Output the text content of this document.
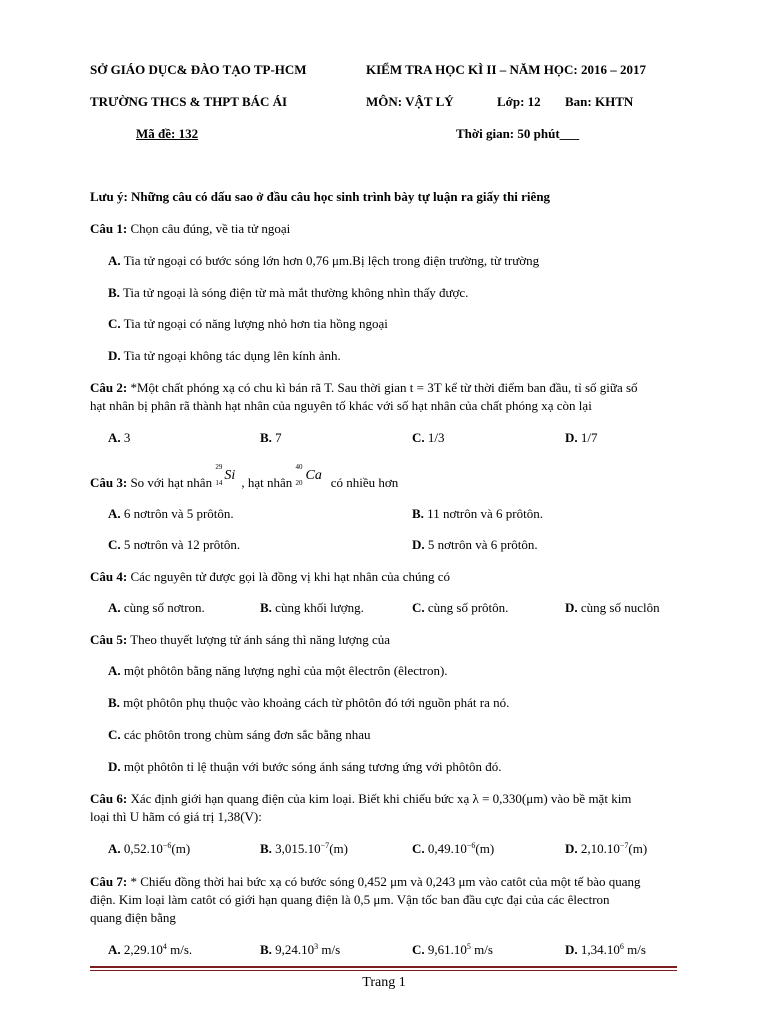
SỞ GIÁO DỤC& ĐÀO TẠO TP-HCM	KIỂM TRA HỌC KÌ II – NĂM HỌC: 2016 – 2017
TRƯỜNG THCS & THPT BÁC ÁI	MÔN: VẬT LÝ	Lớp: 12 Ban: KHTN
Mã đề: 132	Thời gian: 50 phút___
Lưu ý: Những câu có dấu sao ở đầu câu học sinh trình bày tự luận ra giấy thi riêng
Câu 1: Chọn câu đúng, về tia tử ngoại
A. Tia tử ngoại có bước sóng lớn hơn 0,76 μm.Bị lệch trong điện trường, từ trường
B. Tia tử ngoại là sóng điện từ mà mắt thường không nhìn thấy được.
C. Tia tử ngoại có năng lượng nhỏ hơn tia hồng ngoại
D. Tia tử ngoại không tác dụng lên kính ảnh.
Câu 2: *Một chất phóng xạ có chu kì bán rã T. Sau thời gian t = 3T kể từ thời điểm ban đầu, tỉ số giữa số
hạt nhân bị phân rã thành hạt nhân của nguyên tố khác với số hạt nhân của chất phóng xạ còn lại
A. 3	B. 7	C. 1/3	D. 1/7
Câu 3: So với hạt nhân
29
14 Si , hạt nhân
40
20 Ca có nhiều hơn
A. 6 nơtrôn và 5 prôtôn.	B. 11 nơtrôn và 6 prôtôn.
C. 5 nơtrôn và 12 prôtôn.	D. 5 nơtrôn và 6 prôtôn.
Câu 4: Các nguyên tử được gọi là đồng vị khi hạt nhân của chúng có
A. cùng số nơtron.	B. cùng khối lượng.	C. cùng số prôtôn.	D. cùng số nuclôn
Câu 5: Theo thuyết lượng tử ánh sáng thì năng lượng của
A. một phôtôn bằng năng lượng nghỉ của một êlectrôn (êlectron).
B. một phôtôn phụ thuộc vào khoảng cách từ phôtôn đó tới nguồn phát ra nó.
C. các phôtôn trong chùm sáng đơn sắc bằng nhau
D. một phôtôn tỉ lệ thuận với bước sóng ánh sáng tương ứng với phôtôn đó.
Câu 6: Xác định giới hạn quang điện của kim loại. Biết khi chiếu bức xạ λ = 0,330(μm) vào bề mặt kim
loại thì U hãm có giá trị 1,38(V):
A. $0,52.10^{-6}(m)$	B. $3,015.10^{-7}(m)$	C. $0,49.10^{-6}(m)$	D. $2,10.10^{-7}(m)$
Câu 7: * Chiếu đồng thời hai bức xạ có bước sóng 0,452 μm và 0,243 μm vào catôt của một tế bào quang
điện. Kim loại làm catôt có giới hạn quang điện là 0,5 μm. Vận tốc ban đầu cực đại của các êlectron
quang điện bằng
A. 2,29.10$^4$ m/s.	B. 9,24.10$^3$ m/s	C. 9,61.10$^5$ m/s	D. 1,34.10$^6$ m/s
Trang 1
